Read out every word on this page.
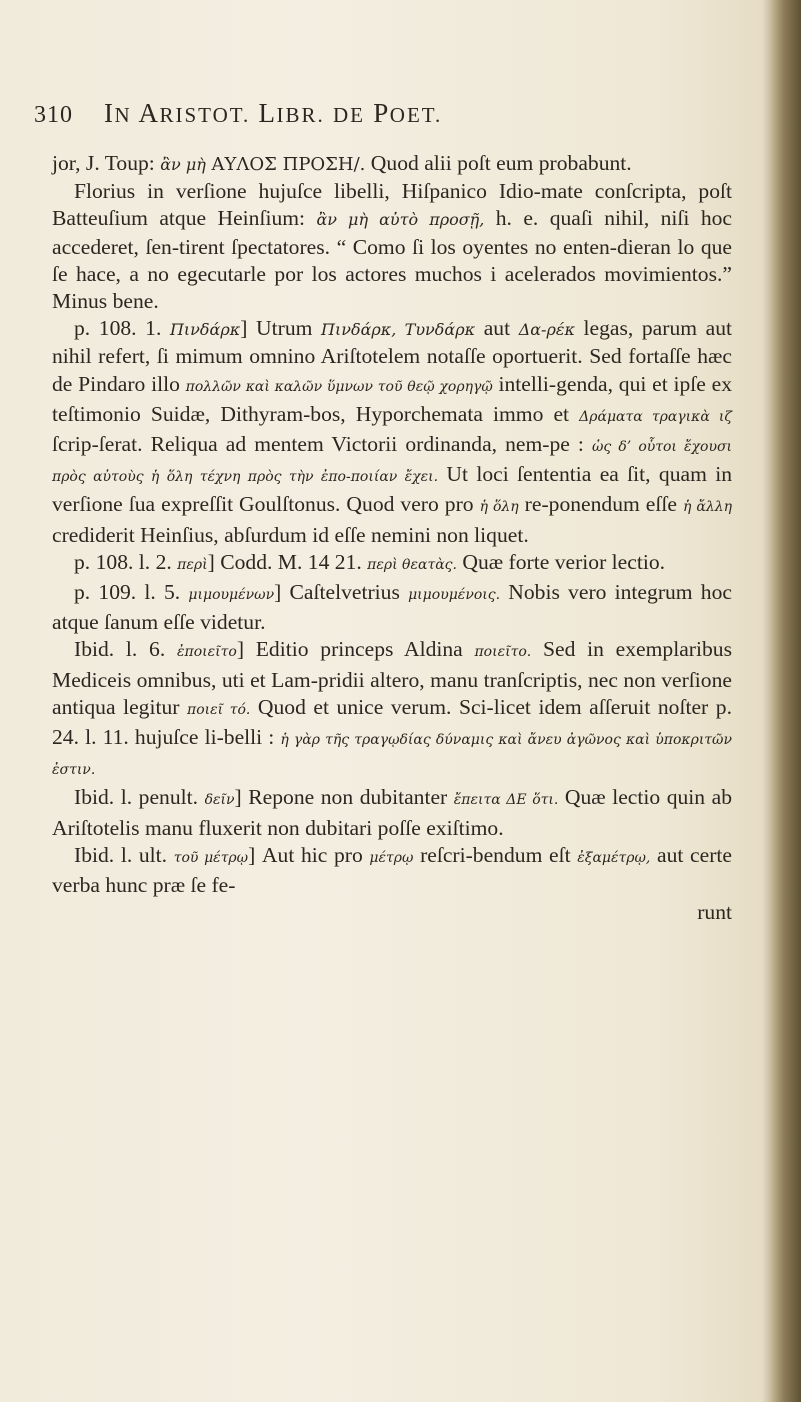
310 IN ARISTOT. LIBR. DE POET.

jor, J. Toup: ἂν μὴ ΑΥΛΟΣ ΠΡΟΣΗ/. Quod alii poſt eum probabunt.

Florius in verſione hujuſce libelli, Hiſpanico Idio-mate conſcripta, poſt Batteuſium atque Heinſium: ἂν μὴ αὐτὸ προσῇ, h. e. quaſi nihil, niſi hoc accederet, ſen-tirent ſpectatores. “ Como ſi los oyentes no enten-dieran lo que ſe hace, a no egecutarle por los actores muchos i acelerados movimientos.” Minus bene.

p. 108. 1. Πινδάρκ] Utrum Πινδάρκ, Τυνδάρκ aut Δα-ρέκ legas, parum aut nihil refert, ſi mimum omnino Ariſtotelem notaſſe oportuerit. Sed fortaſſe hæc de Pindaro illo πολλῶν καὶ καλῶν ὕμνων τοῦ θεῷ χορηγῷ intelli-genda, qui et ipſe ex teſtimonio Suidæ, Dithyram-bos, Hyporchemata immo et Δράματα τραγικὰ ιζ ſcrip-ſerat. Reliqua ad mentem Victorii ordinanda, nem-pe : ὡς δ’ οὗτοι ἔχουσι πρὸς αὐτοὺς ἡ ὅλη τέχνη πρὸς τὴν ἐπο-ποιίαν ἔχει. Ut loci ſententia ea ſit, quam in verſione ſua expreſſit Goulſtonus. Quod vero pro ἡ ὅλη re-ponendum eſſe ἡ ἄλλη crediderit Heinſius, abſurdum id eſſe nemini non liquet.

p. 108. l. 2. περὶ] Codd. M. 14 21. περὶ θεατὰς. Quæ forte verior lectio.

p. 109. l. 5. μιμουμένων] Caſtelvetrius μιμουμένοις. Nobis vero integrum hoc atque ſanum eſſe videtur.

Ibid. l. 6. ἐποιεῖτο] Editio princeps Aldina ποιεῖτο. Sed in exemplaribus Mediceis omnibus, uti et Lam-pridii altero, manu tranſcriptis, nec non verſione antiqua legitur ποιεῖ τό. Quod et unice verum. Sci-licet idem aſſeruit noſter p. 24. l. 11. hujuſce li-belli : ἡ γὰρ τῆς τραγῳδίας δύναμις καὶ ἄνευ ἀγῶνος καὶ ὑποκριτῶν ἐστιν.

Ibid. l. penult. δεῖν] Repone non dubitanter ἔπειτα ΔΕ ὅτι. Quæ lectio quin ab Ariſtotelis manu fluxerit non dubitari poſſe exiſtimo.

Ibid. l. ult. τοῦ μέτρῳ] Aut hic pro μέτρῳ reſcri-bendum eſt ἐξαμέτρῳ, aut certe verba hunc præ ſe fe-

runt
